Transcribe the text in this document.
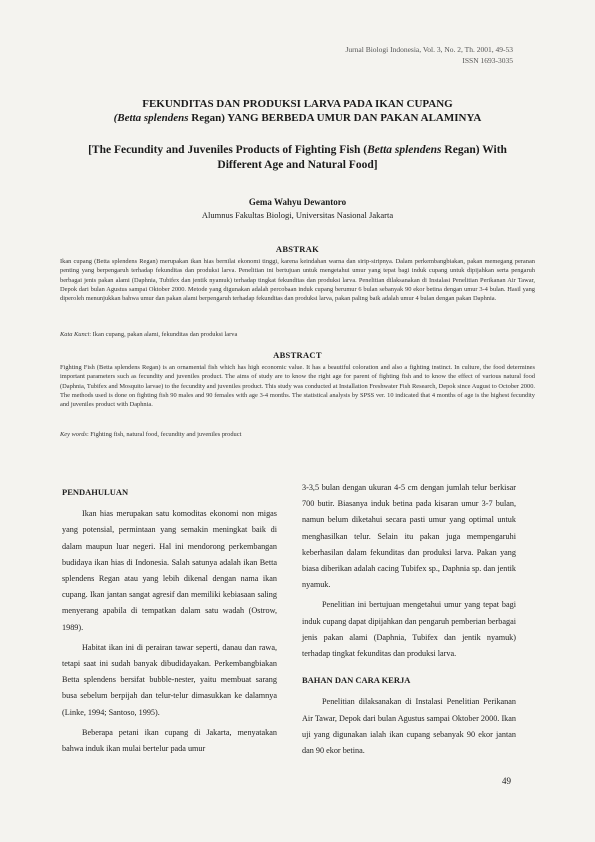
Jurnal Biologi Indonesia, Vol. 3, No. 2, Th. 2001, 49-53
ISSN 1693-3035
FEKUNDITAS DAN PRODUKSI LARVA PADA IKAN CUPANG
(Betta splendens Regan) YANG BERBEDA UMUR DAN PAKAN ALAMINYA
[The Fecundity and Juveniles Products of Fighting Fish (Betta splendens Regan) With
Different Age and Natural Food]
Gema Wahyu Dewantoro
Alumnus Fakultas Biologi, Universitas Nasional Jakarta
ABSTRAK
Ikan cupang (Betta splendens Regan) merupakan ikan hias bernilai ekonomi tinggi, karena keindahan warna dan sirip-siripnya. Dalam perkembangbiakan, pakan memegang peranan penting yang berpengaruh terhadap fekunditas dan produksi larva. Penelitian ini bertujuan untuk mengetahui umur yang tepat bagi induk cupang untuk dipijahkan serta pengaruh berbagai jenis pakan alami (Daphnia, Tubifex dan jentik nyamuk) terhadap tingkat fekunditas dan produksi larva. Penelitian dilaksanakan di Instalasi Penelitian Perikanan Air Tawar, Depok dari bulan Agustus sampai Oktober 2000. Metode yang digunakan adalah percobaan induk cupang berumur 6 bulan sebanyak 90 ekor betina dengan umur 3-4 bulan. Hasil yang diperoleh menunjukkan bahwa umur dan pakan alami berpengaruh terhadap fekunditas dan produksi larva, pakan paling baik adalah umur 4 bulan dengan pakan Daphnia.
Kata Kunci: Ikan cupang, pakan alami, fekunditas dan produksi larva
ABSTRACT
Fighting Fish (Betta splendens Regan) is an ornamental fish which has high economic value. It has a beautiful coloration and also a fighting instinct. In culture, the food determines important parameters such as fecundity and juveniles product. The aims of study are to know the right age for parent of fighting fish and to know the effect of various natural food (Daphnia, Tubifex and Mosquito larvae) to the fecundity and juveniles product. This study was conducted at Installation Freshwater Fish Research, Depok since August to October 2000. The methods used is done on fighting fish 90 males and 90 females with age 3-4 months. The statistical analysis by SPSS ver. 10 indicated that 4 months of age is the highest fecundity and juveniles product with Daphnia.
Key words: Fighting fish, natural food, fecundity and juveniles product

PENDAHULUAN

Ikan hias merupakan satu komoditas ekonomi non migas yang potensial, permintaan yang semakin meningkat baik di dalam maupun luar negeri. Hal ini mendorong perkembangan budidaya ikan hias di Indonesia. Salah satunya adalah ikan Betta splendens Regan atau yang lebih dikenal dengan nama ikan cupang. Ikan jantan sangat agresif dan memiliki kebiasaan saling menyerang apabila di tempatkan dalam satu wadah (Ostrow, 1989).

Habitat ikan ini di perairan tawar seperti, danau dan rawa, tetapi saat ini sudah banyak dibudidayakan. Perkembangbiakan Betta splendens bersifat bubble-nester, yaitu membuat sarang busa sebelum berpijah dan telur-telur dimasukkan ke dalamnya (Linke, 1994; Santoso, 1995).

Beberapa petani ikan cupang di Jakarta, menyatakan bahwa induk ikan mulai bertelur pada umur

3-3,5 bulan dengan ukuran 4-5 cm dengan jumlah telur berkisar 700 butir. Biasanya induk betina pada kisaran umur 3-7 bulan, namun belum diketahui secara pasti umur yang optimal untuk menghasilkan telur. Selain itu pakan juga mempengaruhi keberhasilan dalam fekunditas dan produksi larva. Pakan yang biasa diberikan adalah cacing Tubifex sp., Daphnia sp. dan jentik nyamuk.

Penelitian ini bertujuan mengetahui umur yang tepat bagi induk cupang dapat dipijahkan dan pengaruh pemberian berbagai jenis pakan alami (Daphnia, Tubifex dan jentik nyamuk) terhadap tingkat fekunditas dan produksi larva.

BAHAN DAN CARA KERJA

Penelitian dilaksanakan di Instalasi Penelitian Perikanan Air Tawar, Depok dari bulan Agustus sampai Oktober 2000. Ikan uji yang digunakan ialah ikan cupang sebanyak 90 ekor jantan dan 90 ekor betina.

49
